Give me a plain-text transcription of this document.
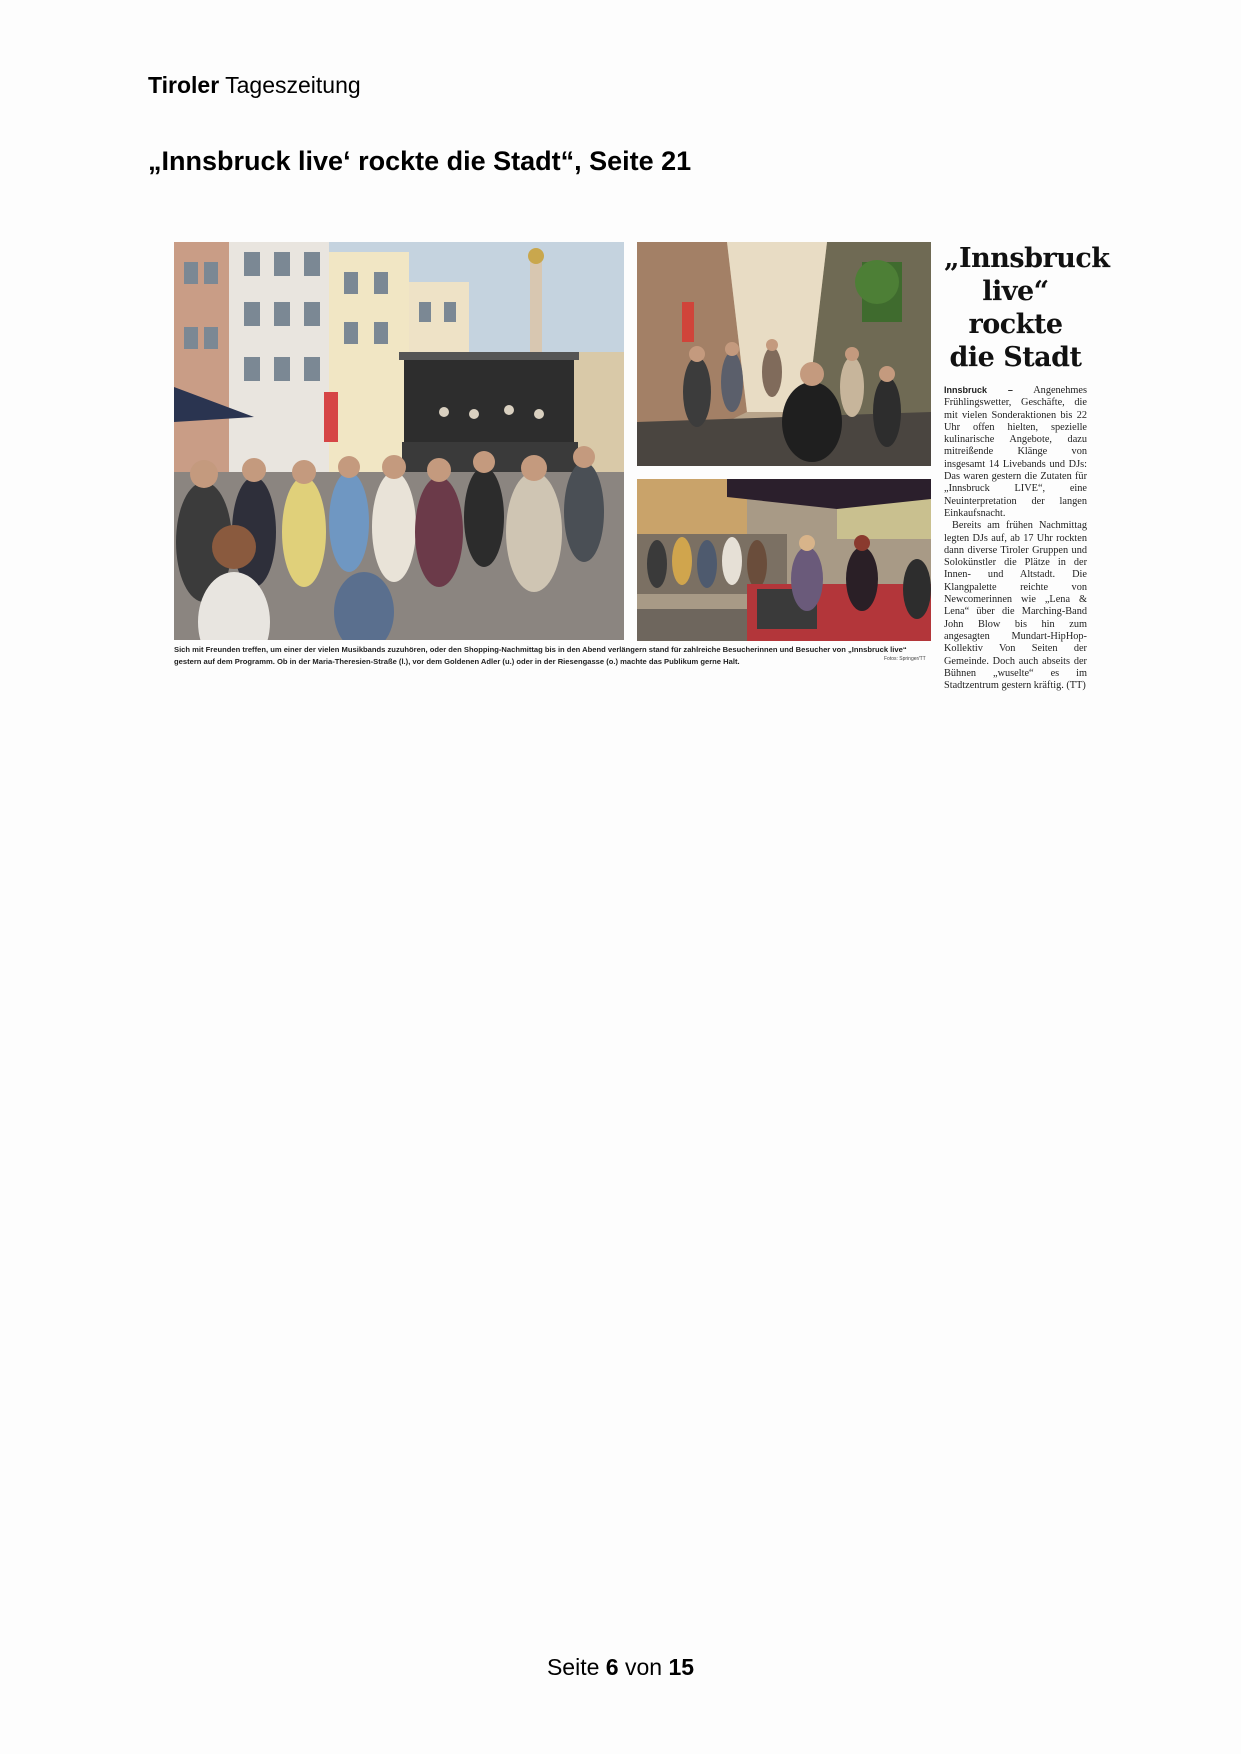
Tiroler Tageszeitung
„Innsbruck live‘ rockte die Stadt“, Seite 21
Sich mit Freunden treffen, um einer der vielen Musikbands zuzuhören, oder den Shopping-Nachmittag bis in den Abend verlängern stand für zahlreiche Besucherinnen und Besucher von „Innsbruck live“ gestern auf dem Programm. Ob in der Maria-Theresien-Straße (l.), vor dem Goldenen Adler (u.) oder in der Riesengasse (o.) machte das Publikum gerne Halt.	Fotos: Springer/TT
„Innsbruck live“ rockte die Stadt

Innsbruck – Angenehmes Frühlingswetter, Geschäfte, die mit vielen Sonderaktionen bis 22 Uhr offen hielten, spezielle kulinarische Angebote, dazu mitreißende Klänge von insgesamt 14 Livebands und DJs: Das waren gestern die Zutaten für „Innsbruck LIVE“, eine Neuinterpretation der langen Einkaufsnacht.

Bereits am frühen Nachmittag legten DJs auf, ab 17 Uhr rockten dann diverse Tiroler Gruppen und Solokünstler die Plätze in der Innen- und Altstadt. Die Klangpalette reichte von Newcomerinnen wie „Lena & Lena“ über die Marching-Band John Blow bis hin zum angesagten Mundart-HipHop-Kollektiv Von Seiten der Gemeinde. Doch auch abseits der Bühnen „wuselte“ es im Stadtzentrum gestern kräftig. (TT)

Seite 6 von 15
